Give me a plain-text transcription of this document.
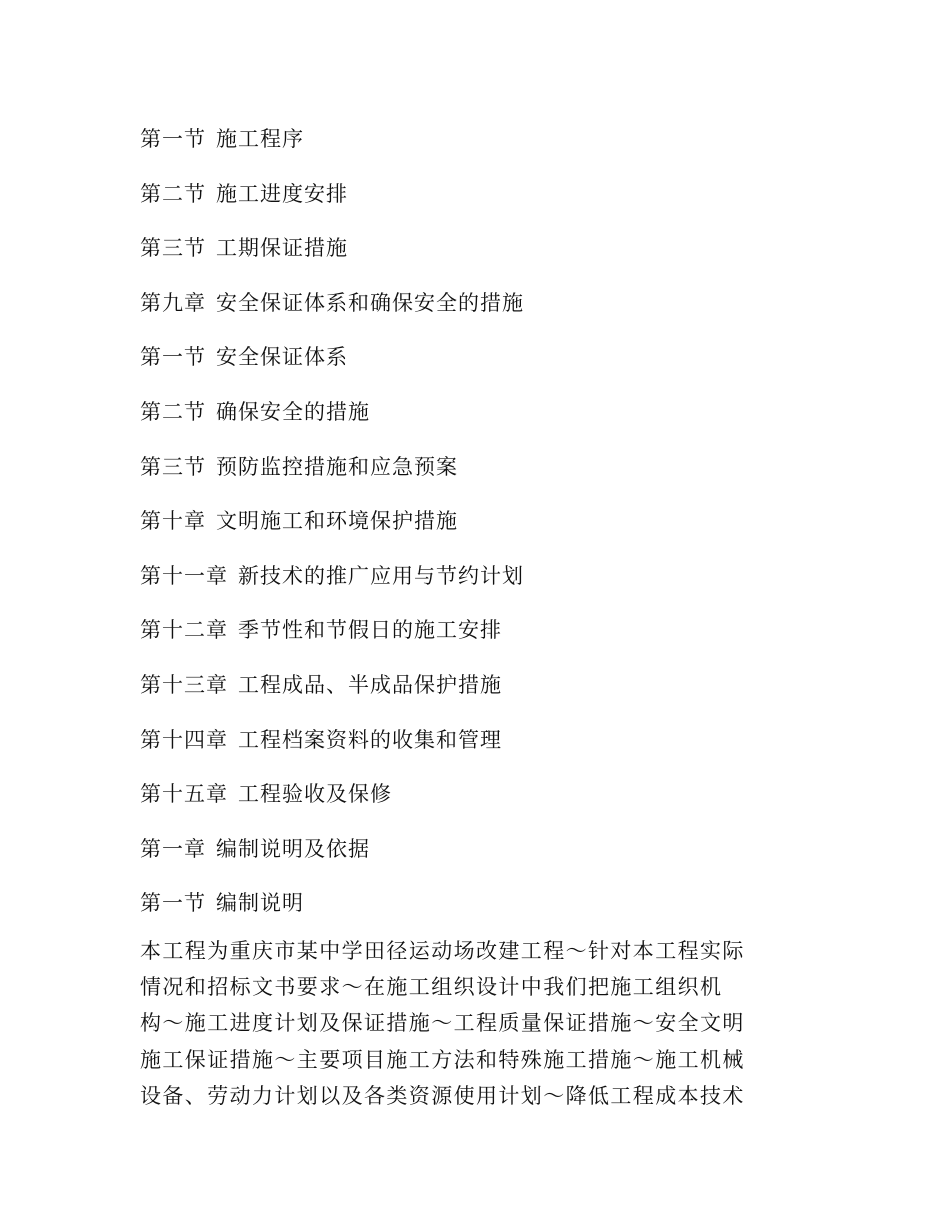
第一节 施工程序
第二节 施工进度安排
第三节 工期保证措施
第九章 安全保证体系和确保安全的措施
第一节 安全保证体系
第二节 确保安全的措施
第三节 预防监控措施和应急预案
第十章 文明施工和环境保护措施
第十一章 新技术的推广应用与节约计划
第十二章 季节性和节假日的施工安排
第十三章 工程成品、半成品保护措施
第十四章 工程档案资料的收集和管理
第十五章 工程验收及保修
第一章 编制说明及依据
第一节 编制说明
本工程为重庆市某中学田径运动场改建工程～针对本工程实际
情况和招标文书要求～在施工组织设计中我们把施工组织机
构～施工进度计划及保证措施～工程质量保证措施～安全文明
施工保证措施～主要项目施工方法和特殊施工措施～施工机械
设备、劳动力计划以及各类资源使用计划～降低工程成本技术
